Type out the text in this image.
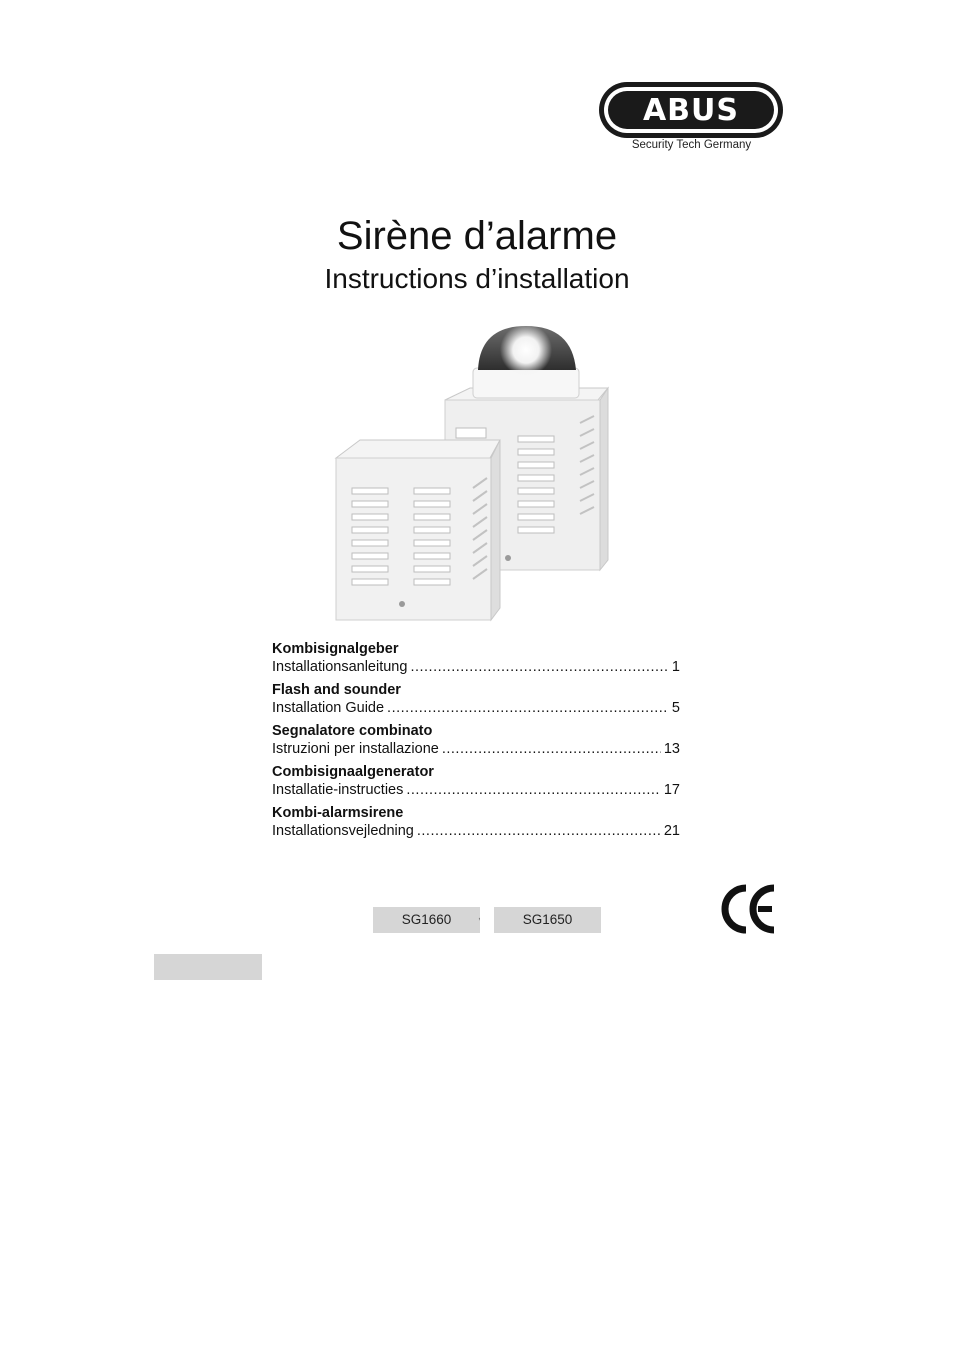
ABUS
Security Tech Germany
Sirène d’alarme
Instructions d’installation
Kombisignalgeber
Installationsanleitung .....	1
Flash and sounder
Installation Guide .....	5
Segnalatore combinato
Istruzioni per installazione .....	13
Combisignaalgenerator
Installatie-instructies .....	17
Kombi-alarmsirene
Installationsvejledning .....	21
SG1660	,	SG1650
